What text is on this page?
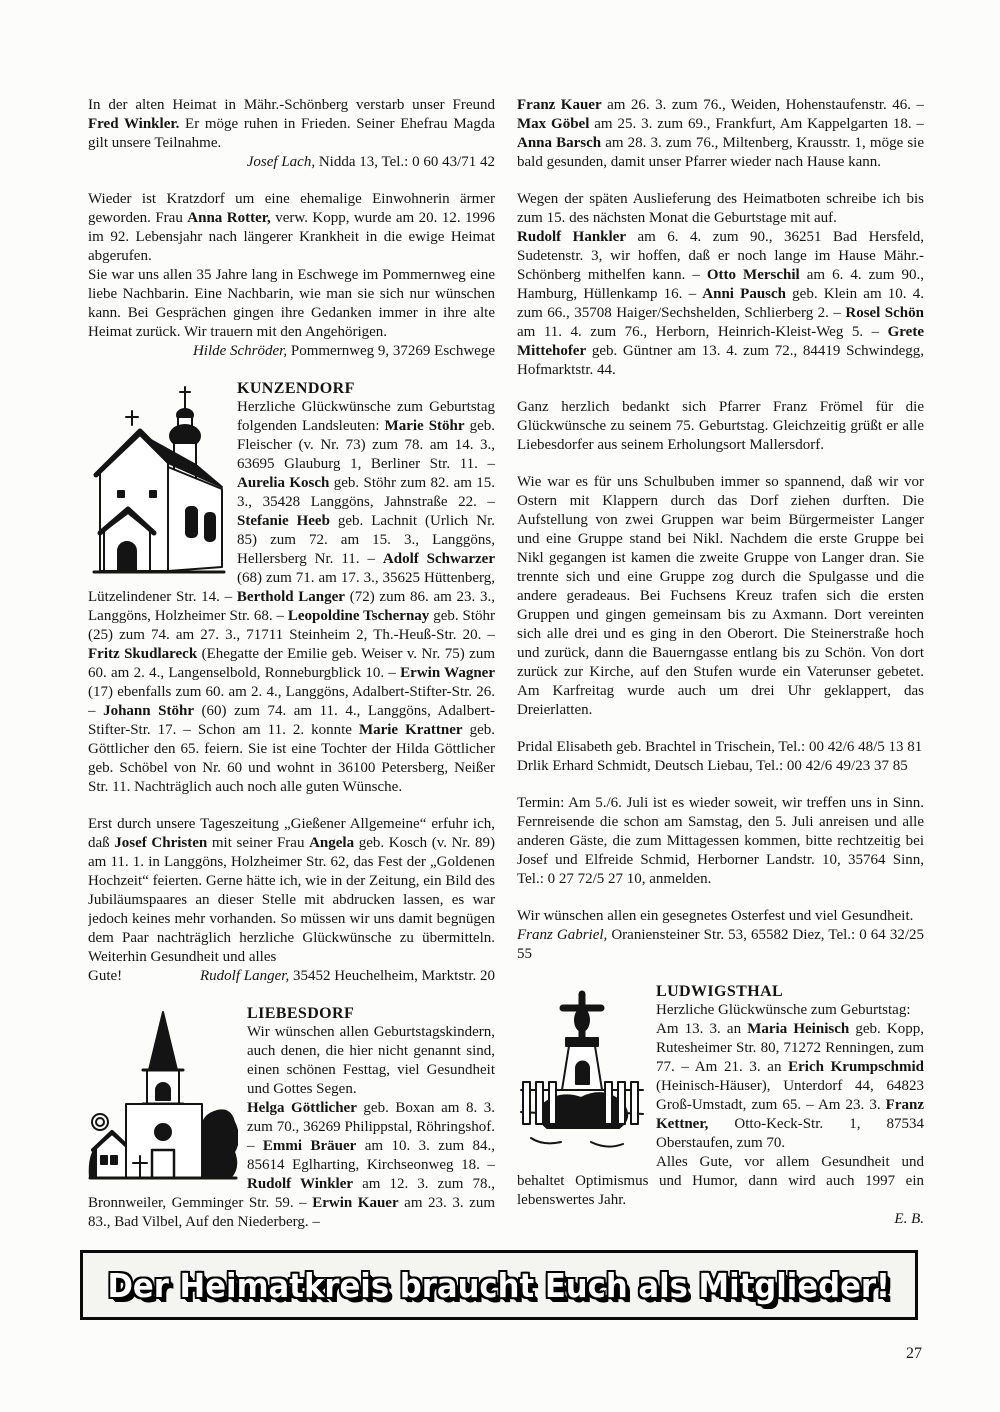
In der alten Heimat in Mähr.-Schönberg verstarb unser Freund Fred Winkler. Er möge ruhen in Frieden. Seiner Ehefrau Magda gilt unsere Teilnahme.

Josef Lach, Nidda 13, Tel.: 0 60 43/71 42

Wieder ist Kratzdorf um eine ehemalige Einwohnerin ärmer geworden. Frau Anna Rotter, verw. Kopp, wurde am 20. 12. 1996 im 92. Lebensjahr nach längerer Krankheit in die ewige Heimat abgerufen.

Sie war uns allen 35 Jahre lang in Eschwege im Pommernweg eine liebe Nachbarin. Eine Nachbarin, wie man sie sich nur wünschen kann. Bei Gesprächen gingen ihre Gedanken immer in ihre alte Heimat zurück. Wir trauern mit den Angehörigen.

Hilde Schröder, Pommernweg 9, 37269 Eschwege
KUNZENDORF

Herzliche Glückwünsche zum Geburtstag folgenden Landsleuten: Marie Stöhr geb. Fleischer (v. Nr. 73) zum 78. am 14. 3., 63695 Glauburg 1, Berliner Str. 11. – Aurelia Kosch geb. Stöhr zum 82. am 15. 3., 35428 Langgöns, Jahnstraße 22. – Stefanie Heeb geb. Lachnit (Urlich Nr. 85) zum 72. am 15. 3., Langgöns, Hellersberg Nr. 11. – Adolf Schwarzer (68) zum 71. am 17. 3., 35625 Hüttenberg, Lützelindener Str. 14. – Berthold Langer (72) zum 86. am 23. 3., Langgöns, Holzheimer Str. 68. – Leopoldine Tschernay geb. Stöhr (25) zum 74. am 27. 3., 71711 Steinheim 2, Th.-Heuß-Str. 20. – Fritz Skudlareck (Ehegatte der Emilie geb. Weiser v. Nr. 75) zum 60. am 2. 4., Langenselbold, Ronneburgblick 10. – Erwin Wagner (17) ebenfalls zum 60. am 2. 4., Langgöns, Adalbert-Stifter-Str. 26. – Johann Stöhr (60) zum 74. am 11. 4., Langgöns, Adalbert-Stifter-Str. 17. – Schon am 11. 2. konnte Marie Krattner geb. Göttlicher den 65. feiern. Sie ist eine Tochter der Hilda Göttlicher geb. Schöbel von Nr. 60 und wohnt in 36100 Petersberg, Neißer Str. 11. Nachträglich auch noch alle guten Wünsche.

Erst durch unsere Tageszeitung „Gießener Allgemeine“ erfuhr ich, daß Josef Christen mit seiner Frau Angela geb. Kosch (v. Nr. 89) am 11. 1. in Langgöns, Holzheimer Str. 62, das Fest der „Goldenen Hochzeit“ feierten. Gerne hätte ich, wie in der Zeitung, ein Bild des Jubiläumspaares an dieser Stelle mit abdrucken lassen, es war jedoch keines mehr vorhanden. So müssen wir uns damit begnügen dem Paar nachträglich herzliche Glückwünsche zu übermitteln. Weiterhin Gesundheit und alles

Gute!	Rudolf Langer, 35452 Heuchelheim, Marktstr. 20
LIEBESDORF

Wir wünschen allen Geburtstagskindern, auch denen, die hier nicht genannt sind, einen schönen Festtag, viel Gesundheit und Gottes Segen.

Helga Göttlicher geb. Boxan am 8. 3. zum 70., 36269 Philippstal, Röhringshof. – Emmi Bräuer am 10. 3. zum 84., 85614 Eglharting, Kirchseonweg 18. – Rudolf Winkler am 12. 3. zum 78., Bronnweiler, Gemminger Str. 59. – Erwin Kauer am 23. 3. zum 83., Bad Vilbel, Auf den Niederberg. –

Franz Kauer am 26. 3. zum 76., Weiden, Hohenstaufenstr. 46. – Max Göbel am 25. 3. zum 69., Frankfurt, Am Kappelgarten 18. – Anna Barsch am 28. 3. zum 76., Miltenberg, Krausstr. 1, möge sie bald gesunden, damit unser Pfarrer wieder nach Hause kann.

Wegen der späten Auslieferung des Heimatboten schreibe ich bis zum 15. des nächsten Monat die Geburtstage mit auf.

Rudolf Hankler am 6. 4. zum 90., 36251 Bad Hersfeld, Sudetenstr. 3, wir hoffen, daß er noch lange im Hause Mähr.-Schönberg mithelfen kann. – Otto Merschil am 6. 4. zum 90., Hamburg, Hüllenkamp 16. – Anni Pausch geb. Klein am 10. 4. zum 66., 35708 Haiger/Sechshelden, Schlierberg 2. – Rosel Schön am 11. 4. zum 76., Herborn, Heinrich-Kleist-Weg 5. – Grete Mittehofer geb. Güntner am 13. 4. zum 72., 84419 Schwindegg, Hofmarktstr. 44.

Ganz herzlich bedankt sich Pfarrer Franz Frömel für die Glückwünsche zu seinem 75. Geburtstag. Gleichzeitig grüßt er alle Liebesdorfer aus seinem Erholungsort Mallersdorf.

Wie war es für uns Schulbuben immer so spannend, daß wir vor Ostern mit Klappern durch das Dorf ziehen durften. Die Aufstellung von zwei Gruppen war beim Bürgermeister Langer und eine Gruppe stand bei Nikl. Nachdem die erste Gruppe bei Nikl gegangen ist kamen die zweite Gruppe von Langer dran. Sie trennte sich und eine Gruppe zog durch die Spulgasse und die andere geradeaus. Bei Fuchsens Kreuz trafen sich die ersten Gruppen und gingen gemeinsam bis zu Axmann. Dort vereinten sich alle drei und es ging in den Oberort. Die Steinerstraße hoch und zurück, dann die Bauerngasse entlang bis zu Schön. Von dort zurück zur Kirche, auf den Stufen wurde ein Vaterunser gebetet. Am Karfreitag wurde auch um drei Uhr geklappert, das Dreierlatten.

Pridal Elisabeth geb. Brachtel in Trischein, Tel.: 00 42/6 48/5 13 81

Drlik Erhard Schmidt, Deutsch Liebau, Tel.: 00 42/6 49/23 37 85

Termin: Am 5./6. Juli ist es wieder soweit, wir treffen uns in Sinn. Fernreisende die schon am Samstag, den 5. Juli anreisen und alle anderen Gäste, die zum Mittagessen kommen, bitte rechtzeitig bei Josef und Elfreide Schmid, Herborner Landstr. 10, 35764 Sinn, Tel.: 0 27 72/5 27 10, anmelden.

Wir wünschen allen ein gesegnetes Osterfest und viel Gesundheit.

Franz Gabriel, Oraniensteiner Str. 53, 65582 Diez, Tel.: 0 64 32/25 55

LUDWIGSTHAL

Herzliche Glückwünsche zum Geburtstag:

Am 13. 3. an Maria Heinisch geb. Kopp, Rutesheimer Str. 80, 71272 Renningen, zum 77. – Am 21. 3. an Erich Krumpschmid (Heinisch-Häuser), Unterdorf 44, 64823 Groß-Umstadt, zum 65. – Am 23. 3. Franz Kettner, Otto-Keck-Str. 1, 87534 Oberstaufen, zum 70.

Alles Gute, vor allem Gesundheit und behaltet Optimismus und Humor, dann wird auch 1997 ein lebenswertes Jahr.

E. B.
Der Heimatkreis braucht Euch als Mitglieder!
27
